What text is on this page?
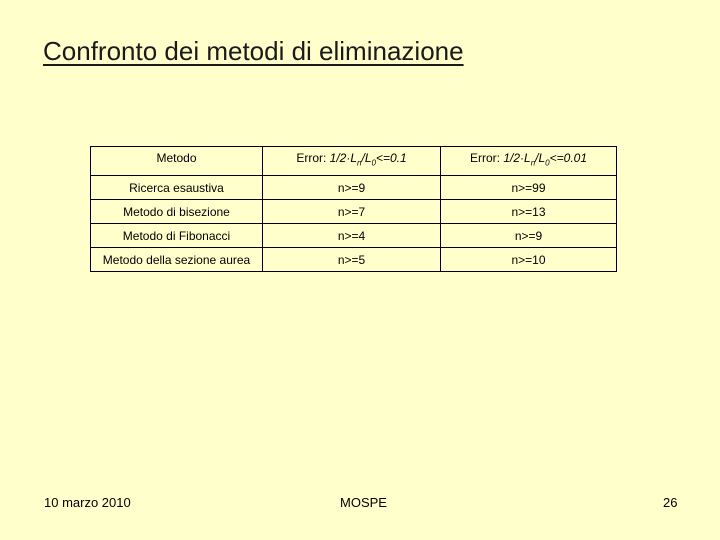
Confronto dei metodi di eliminazione
Metodo	Error: $1/2\cdot L_n/L_0<=0.1$	Error: $1/2\cdot L_n/L_0<=0.01$
Ricerca esaustiva	n>=9	n>=99
Metodo di bisezione	n>=7	n>=13
Metodo di Fibonacci	n>=4	n>=9
Metodo della sezione aurea	n>=5	n>=10
10 marzo 2010	MOSPE	26
